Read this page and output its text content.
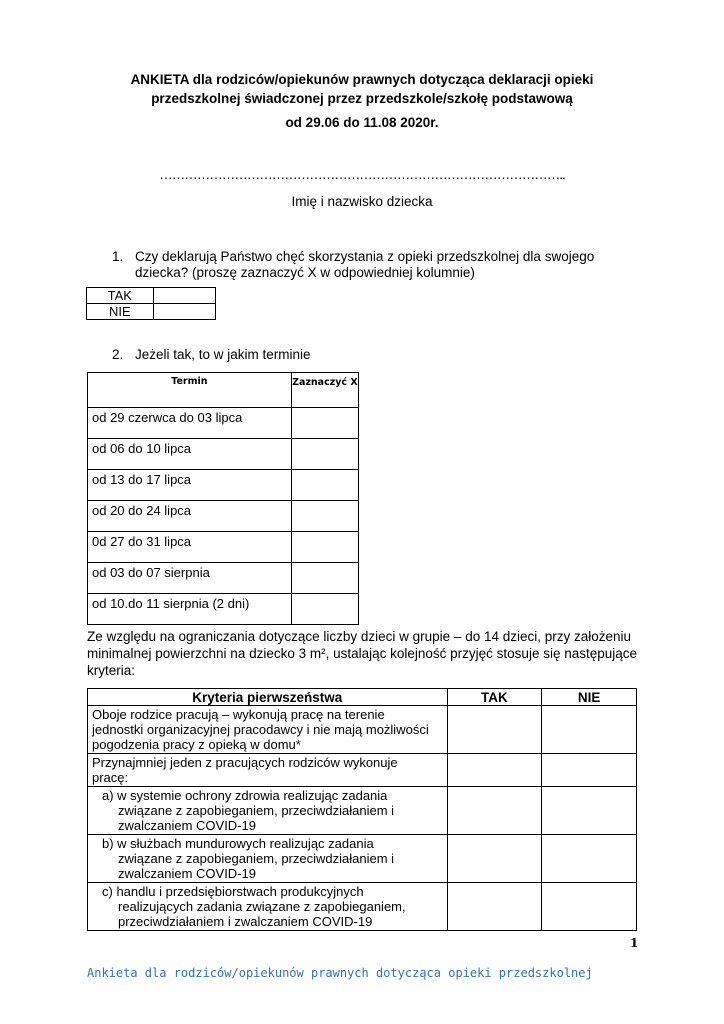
ANKIETA dla rodziców/opiekunów prawnych dotycząca deklaracji opieki
przedszkolnej świadczonej przez przedszkole/szkołę podstawową
od 29.06 do 11.08 2020r.
……………………………………………………………………………………..
Imię i nazwisko dziecka
1. Czy deklarują Państwo chęć skorzystania z opieki przedszkolnej dla swojego
dziecka? (proszę zaznaczyć X w odpowiedniej kolumnie)
TAK	
NIE	
2. Jeżeli tak, to w jakim terminie
Termin	Zaznaczyć X
od 29 czerwca do 03 lipca	
od 06 do 10 lipca	
od 13 do 17 lipca	
od 20 do 24 lipca	
0d 27 do 31 lipca	
od 03 do 07 sierpnia	
od 10.do 11 sierpnia (2 dni)	
Ze względu na ograniczania dotyczące liczby dzieci w grupie – do 14 dzieci, przy założeniu
minimalnej powierzchni na dziecko 3 m², ustalając kolejność przyjęć stosuje się następujące
kryteria:
Kryteria pierwszeństwa	TAK	NIE

Oboje rodzice pracują – wykonują pracę na terenie
jednostki organizacyjnej pracodawcy i nie mają możliwości
pogodzenia pracy z opieką w domu*		

Przynajmniej jeden z pracujących rodziców wykonuje
pracę:		

a) w systemie ochrony zdrowia realizując zadania
związane z zapobieganiem, przeciwdziałaniem i
zwalczaniem COVID-19		

b) w służbach mundurowych realizując zadania
związane z zapobieganiem, przeciwdziałaniem i
zwalczaniem COVID-19		

c) handlu i przedsiębiorstwach produkcyjnych
realizujących zadania związane z zapobieganiem,
przeciwdziałaniem i zwalczaniem COVID-19		

1
Ankieta dla rodziców/opiekunów prawnych dotycząca opieki przedszkolnej
